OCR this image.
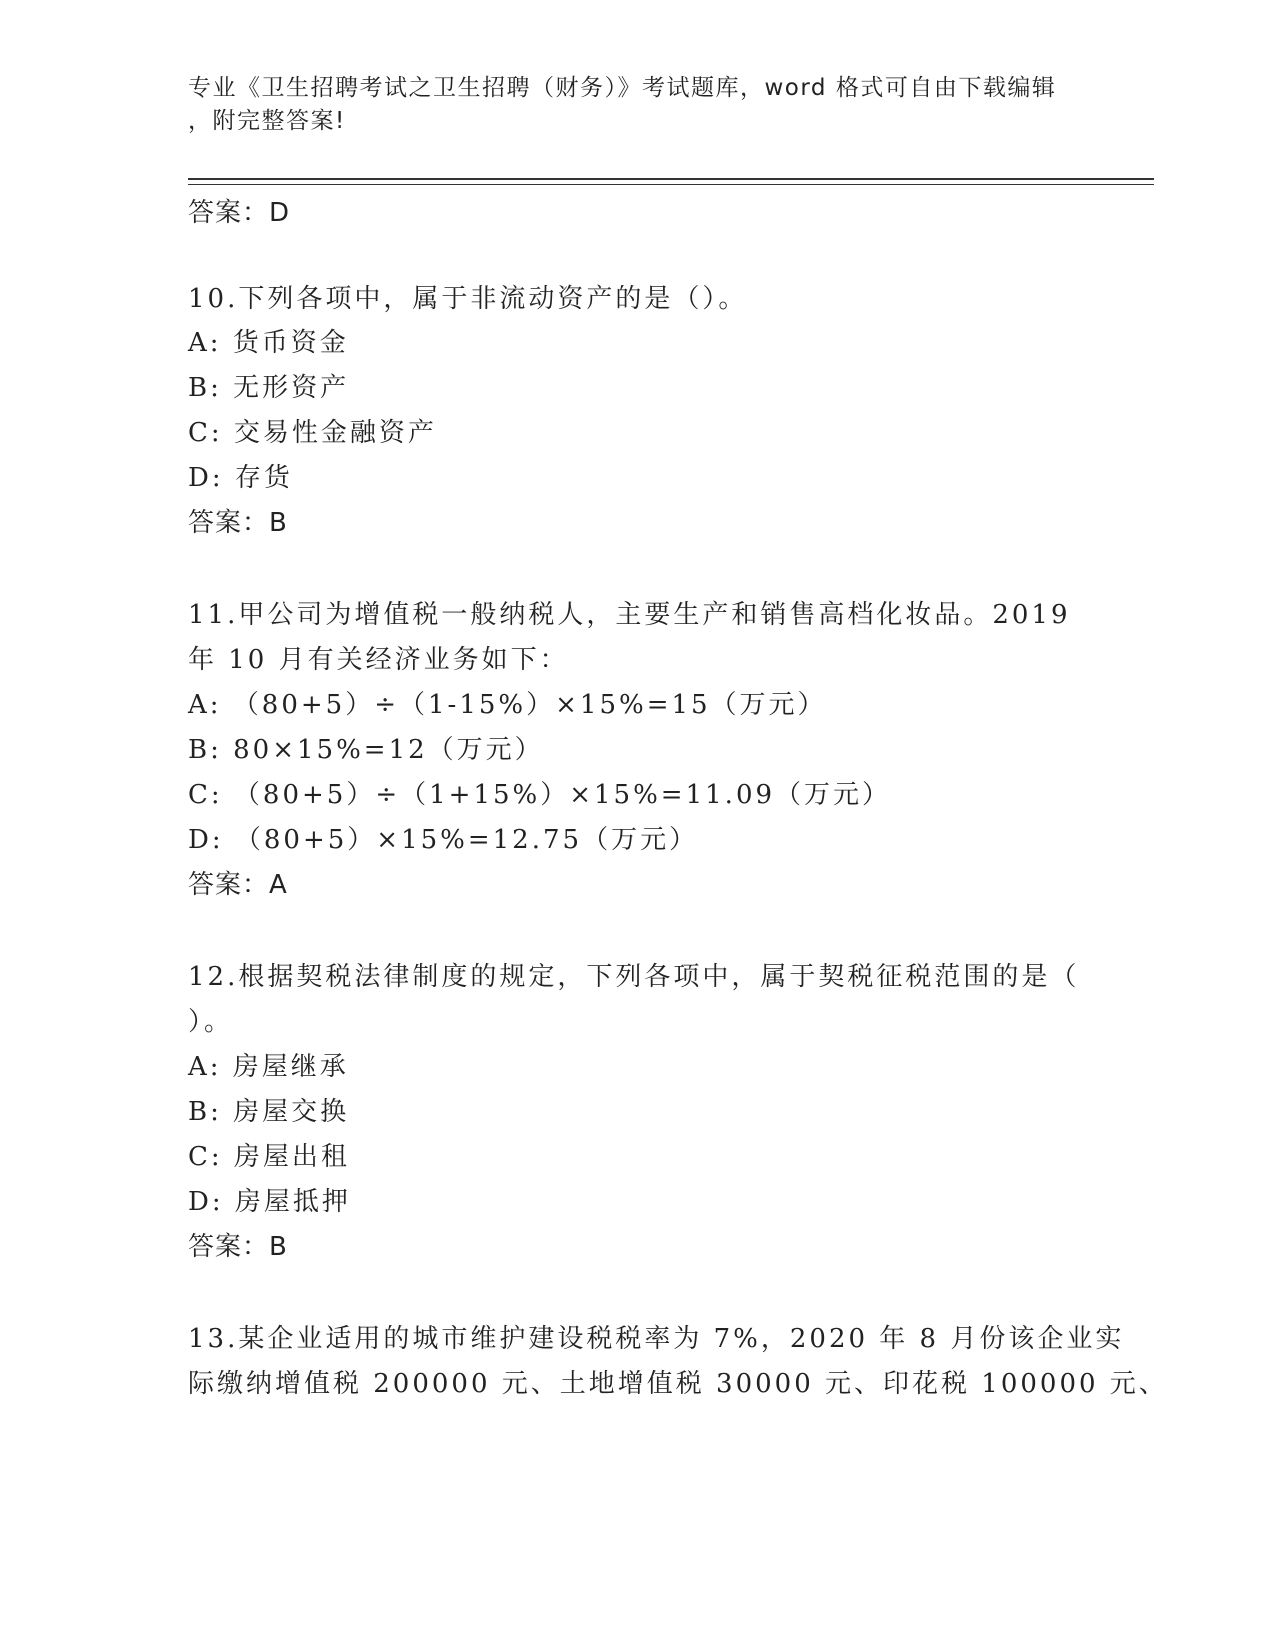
专业《卫生招聘考试之卫生招聘（财务）》考试题库，word 格式可自由下载编辑
，附完整答案!
答案：D
10.下列各项中，属于非流动资产的是（）。
A: 货币资金
B: 无形资产
C: 交易性金融资产
D: 存货
答案：B
11.甲公司为增值税一般纳税人，主要生产和销售高档化妆品。2019
年 10 月有关经济业务如下：
A: （80+5）÷（1-15%）×15%=15（万元）
B: 80×15%=12（万元）
C: （80+5）÷（1+15%）×15%=11.09（万元）
D: （80+5）×15%=12.75（万元）
答案：A
12.根据契税法律制度的规定，下列各项中，属于契税征税范围的是（
）。
A: 房屋继承
B: 房屋交换
C: 房屋出租
D: 房屋抵押
答案：B
13.某企业适用的城市维护建设税税率为 7%，2020 年 8 月份该企业实
际缴纳增值税 200000 元、土地增值税 30000 元、印花税 100000 元、
